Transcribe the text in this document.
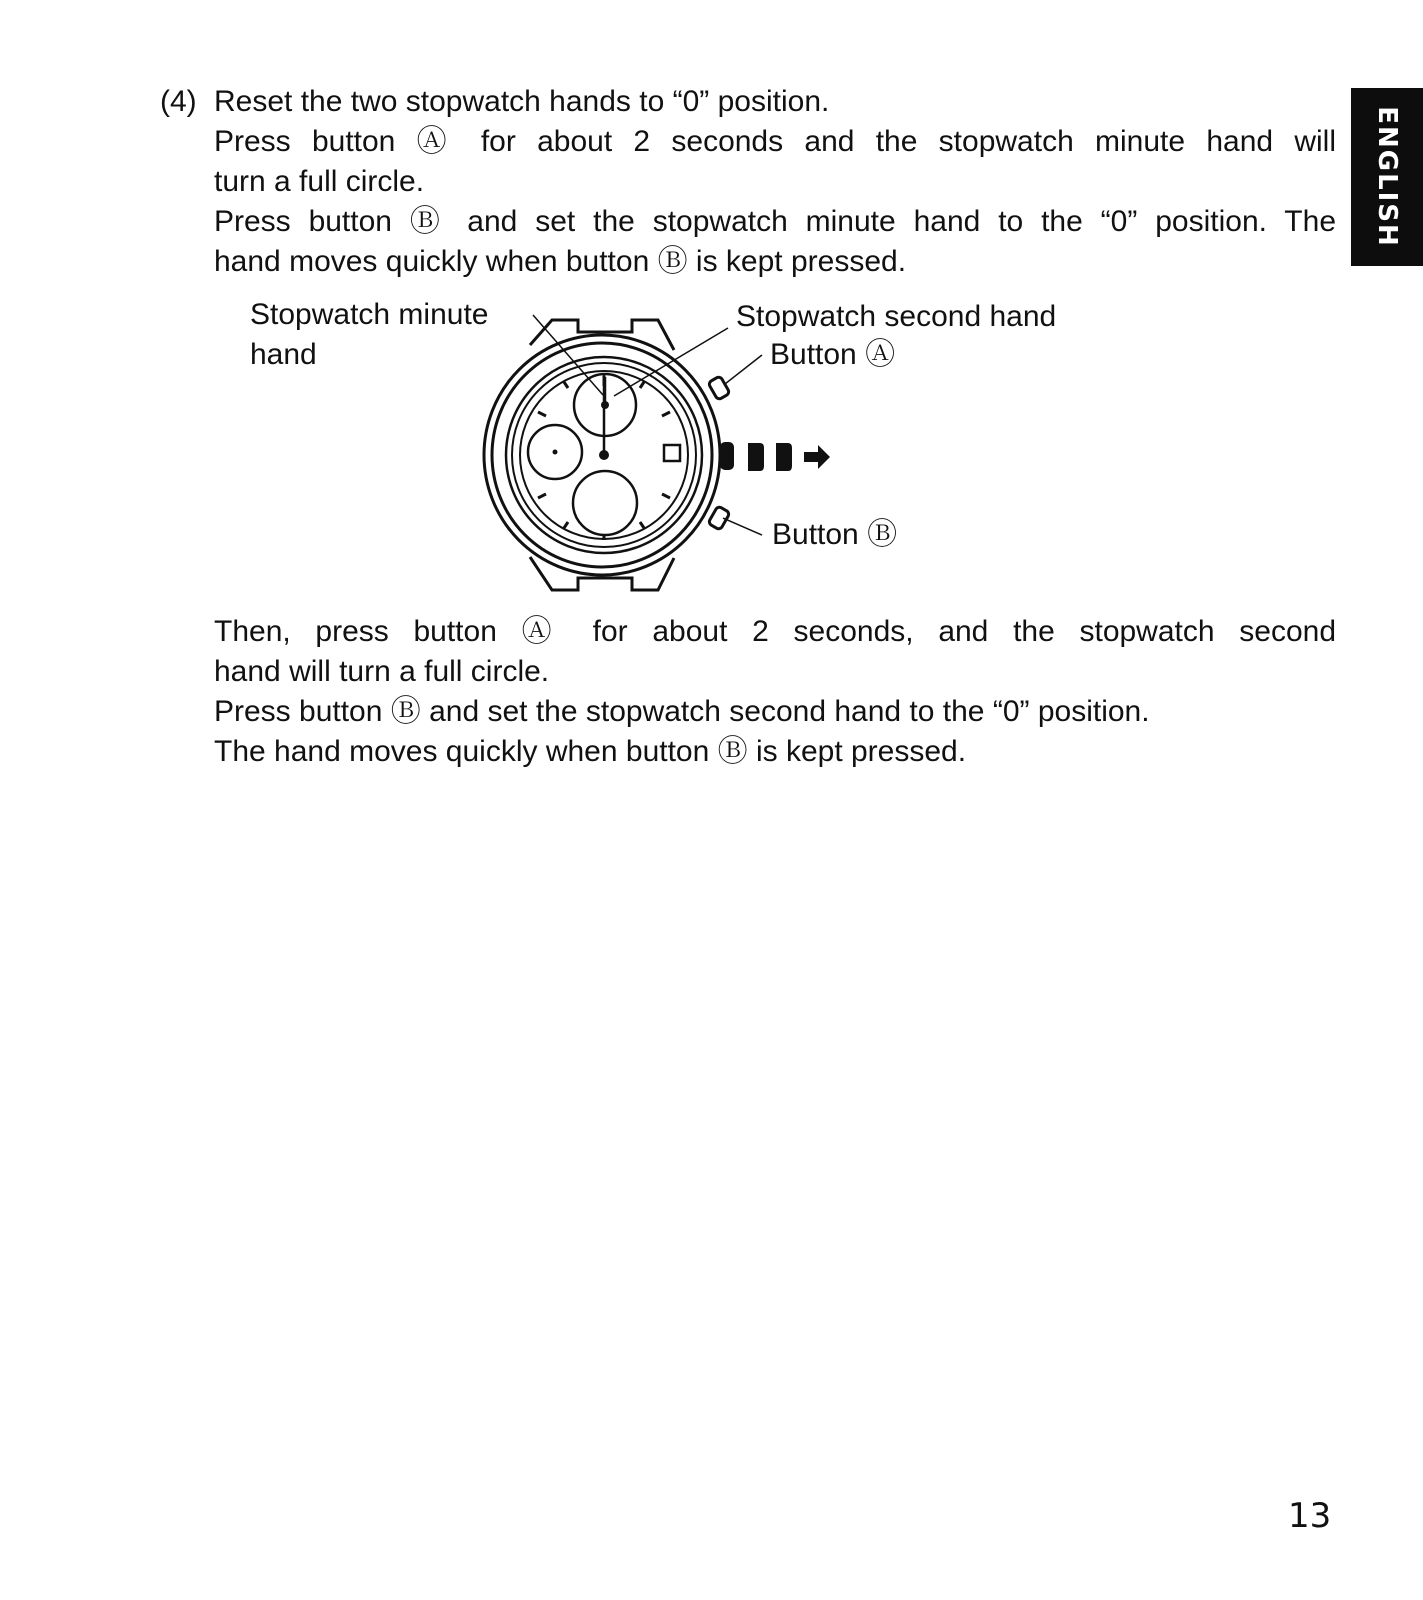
ENGLISH
(4) Reset the two stopwatch hands to “0” position.
Press button Ⓐ for about 2 seconds and the stopwatch minute hand will
turn a full circle.
Press button Ⓑ and set the stopwatch minute hand to the “0” position. The
hand moves quickly when button Ⓑ is kept pressed.
Stopwatch minute
hand
Stopwatch second hand
Button Ⓐ
Button Ⓑ
Then, press button Ⓐ for about 2 seconds, and the stopwatch second
hand will turn a full circle.
Press button Ⓑ and set the stopwatch second hand to the “0” position.
The hand moves quickly when button Ⓑ is kept pressed.
13
